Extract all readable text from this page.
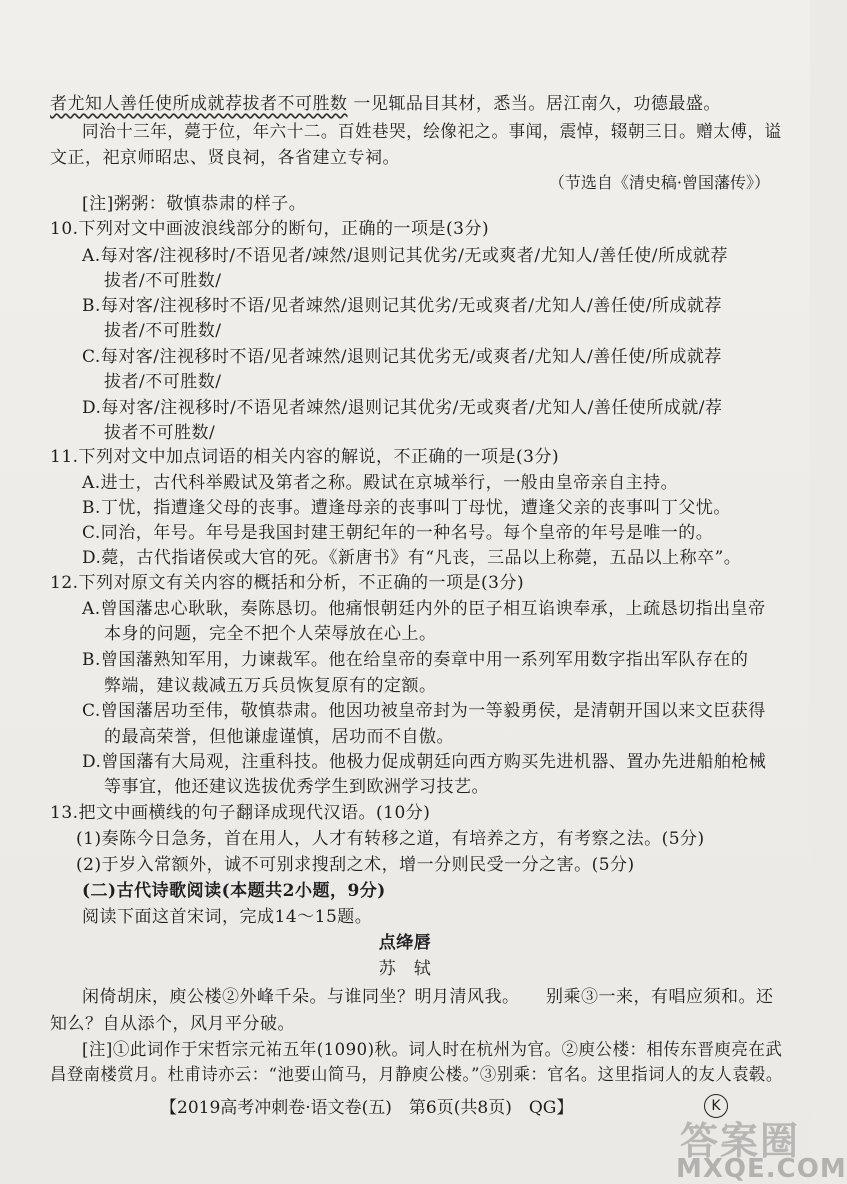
者尤知人善任使所成就荐拔者不可胜数 一见辄品目其材，悉当。居江南久，功德最盛。
同治十三年，薨于位，年六十二。百姓巷哭，绘像祀之。事闻，震悼，辍朝三日。赠太傅，谥
文正，祀京师昭忠、贤良祠，各省建立专祠。
（节选自《清史稿·曾国藩传》）
[注]粥粥：敬慎恭肃的样子。
10.下列对文中画波浪线部分的断句，正确的一项是(3分)
A.每对客/注视移时/不语见者/竦然/退则记其优劣/无或爽者/尤知人/善任使/所成就荐
拔者/不可胜数/
B.每对客/注视移时不语/见者竦然/退则记其优劣/无或爽者/尤知人/善任使/所成就荐
拔者/不可胜数/
C.每对客/注视移时不语/见者竦然/退则记其优劣无/或爽者/尤知人/善任使/所成就荐
拔者/不可胜数/
D.每对客/注视移时/不语见者竦然/退则记其优劣/无或爽者/尤知人/善任使所成就/荐
拔者不可胜数/
11.下列对文中加点词语的相关内容的解说，不正确的一项是(3分)
A.进士，古代科举殿试及第者之称。殿试在京城举行，一般由皇帝亲自主持。
B.丁忧，指遭逢父母的丧事。遭逢母亲的丧事叫丁母忧，遭逢父亲的丧事叫丁父忧。
C.同治，年号。年号是我国封建王朝纪年的一种名号。每个皇帝的年号是唯一的。
D.薨，古代指诸侯或大官的死。《新唐书》有“凡丧，三品以上称薨，五品以上称卒”。
12.下列对原文有关内容的概括和分析，不正确的一项是(3分)
A.曾国藩忠心耿耿，奏陈恳切。他痛恨朝廷内外的臣子相互谄谀奉承，上疏恳切指出皇帝
本身的问题，完全不把个人荣辱放在心上。
B.曾国藩熟知军用，力谏裁军。他在给皇帝的奏章中用一系列军用数字指出军队存在的
弊端，建议裁减五万兵员恢复原有的定额。
C.曾国藩居功至伟，敬慎恭肃。他因功被皇帝封为一等毅勇侯，是清朝开国以来文臣获得
的最高荣誉，但他谦虚谨慎，居功而不自傲。
D.曾国藩有大局观，注重科技。他极力促成朝廷向西方购买先进机器、置办先进船舶枪械
等事宜，他还建议选拔优秀学生到欧洲学习技艺。
13.把文中画横线的句子翻译成现代汉语。(10分)
(1)奏陈今日急务，首在用人，人才有转移之道，有培养之方，有考察之法。(5分)
(2)于岁入常额外，诚不可别求搜刮之术，增一分则民受一分之害。(5分)
(二)古代诗歌阅读(本题共2小题，9分)
阅读下面这首宋词，完成14～15题。
点绛唇
苏　轼
闲倚胡床，庾公楼②外峰千朵。与谁同坐？明月清风我。　　别乘③一来，有唱应须和。还
知么？自从添个，风月平分破。
[注]①此词作于宋哲宗元祐五年(1090)秋。词人时在杭州为官。②庾公楼：相传东晋庾亮在武
昌登南楼赏月。杜甫诗亦云：“池要山简马，月静庾公楼。”③别乘：官名。这里指词人的友人袁毂。
【2019高考冲刺卷·语文卷(五)　第6页(共8页)　QG】	K
答案圈
MXQE.COM
